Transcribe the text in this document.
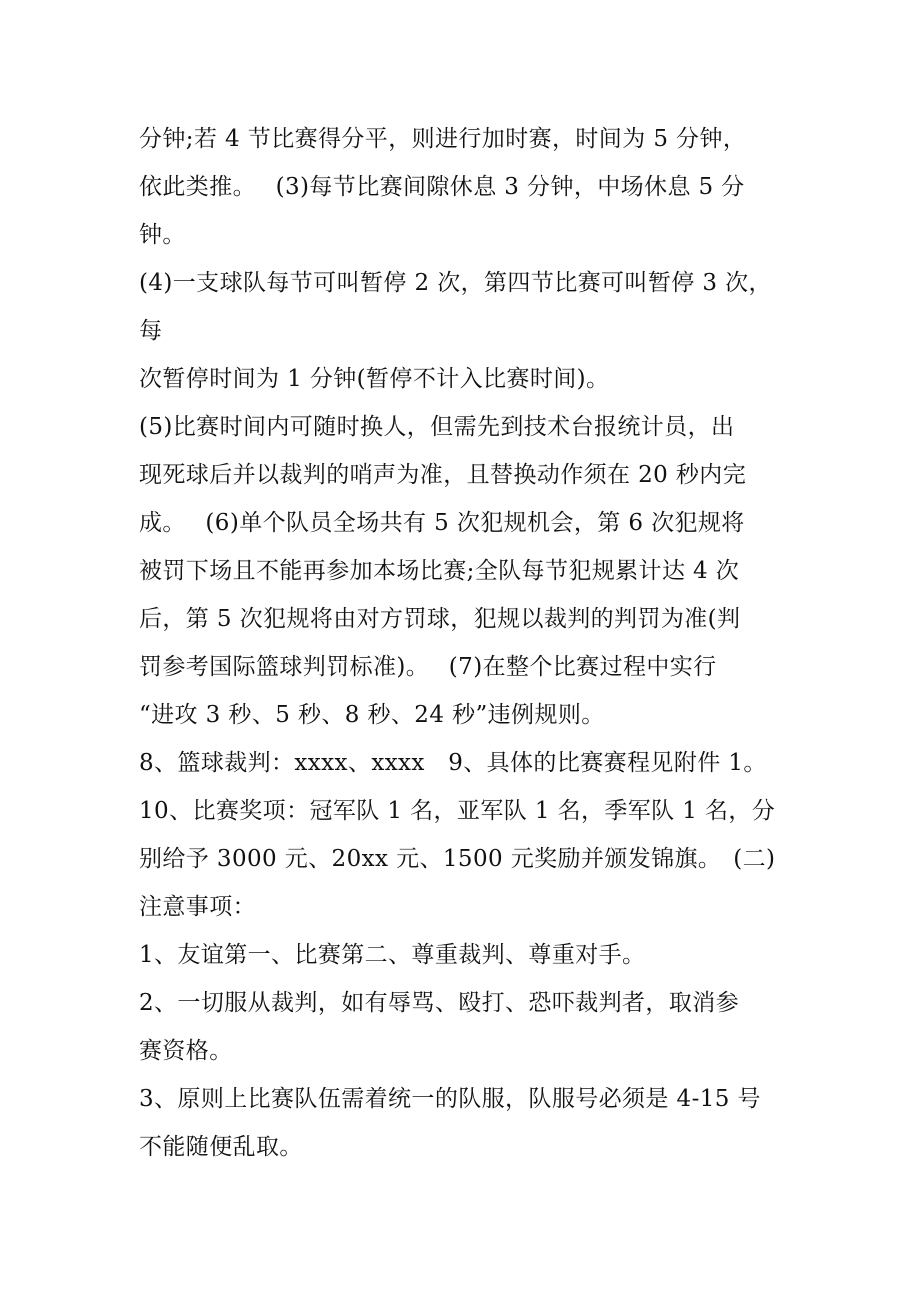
分钟;若 4 节比赛得分平，则进行加时赛，时间为 5 分钟，
依此类推。　 (3)每节比赛间隙休息 3 分钟，中场休息 5 分
钟。
(4)一支球队每节可叫暂停 2 次，第四节比赛可叫暂停 3 次，
每
次暂停时间为 1 分钟(暂停不计入比赛时间)。
(5)比赛时间内可随时换人，但需先到技术台报统计员，出
现死球后并以裁判的哨声为准，且替换动作须在 20 秒内完
成。　 (6)单个队员全场共有 5 次犯规机会，第 6 次犯规将
被罚下场且不能再参加本场比赛;全队每节犯规累计达 4 次
后，第 5 次犯规将由对方罚球，犯规以裁判的判罚为准(判
罚参考国际篮球判罚标准)。　 (7)在整个比赛过程中实行
“进攻 3 秒、5 秒、8 秒、24 秒”违例规则。
8、篮球裁判：xxxx、xxxx　9、具体的比赛赛程见附件 1。
10、比赛奖项：冠军队 1 名，亚军队 1 名，季军队 1 名，分
别给予 3000 元、20xx 元、1500 元奖励并颁发锦旗。　(二)
注意事项：
1、友谊第一、比赛第二、尊重裁判、尊重对手。
2、一切服从裁判，如有辱骂、殴打、恐吓裁判者，取消参
赛资格。
3、原则上比赛队伍需着统一的队服，队服号必须是 4-15 号
不能随便乱取。
